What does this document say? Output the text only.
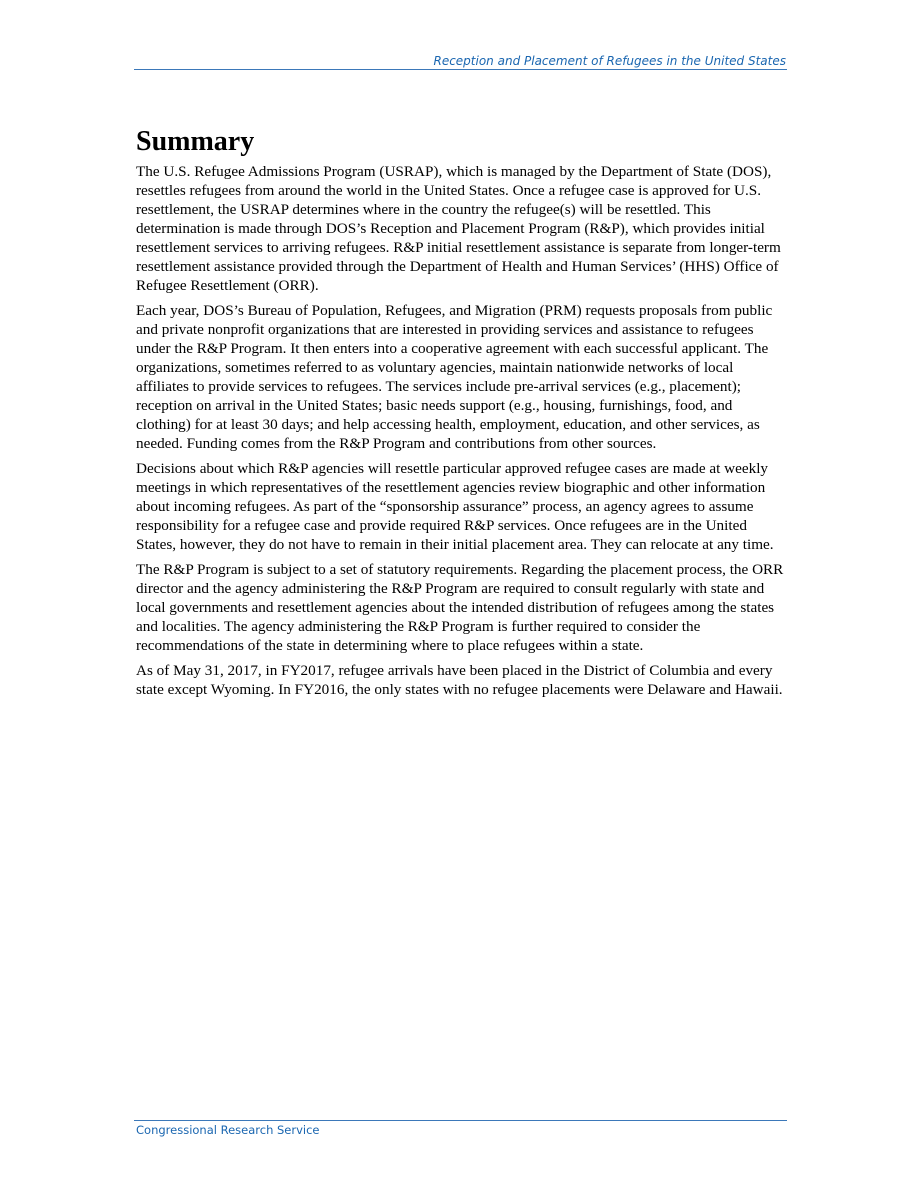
Reception and Placement of Refugees in the United States
Summary

The U.S. Refugee Admissions Program (USRAP), which is managed by the Department of State (DOS), resettles refugees from around the world in the United States. Once a refugee case is approved for U.S. resettlement, the USRAP determines where in the country the refugee(s) will be resettled. This determination is made through DOS’s Reception and Placement Program (R&P), which provides initial resettlement services to arriving refugees. R&P initial resettlement assistance is separate from longer-term resettlement assistance provided through the Department of Health and Human Services’ (HHS) Office of Refugee Resettlement (ORR).

Each year, DOS’s Bureau of Population, Refugees, and Migration (PRM) requests proposals from public and private nonprofit organizations that are interested in providing services and assistance to refugees under the R&P Program. It then enters into a cooperative agreement with each successful applicant. The organizations, sometimes referred to as voluntary agencies, maintain nationwide networks of local affiliates to provide services to refugees. The services include pre-arrival services (e.g., placement); reception on arrival in the United States; basic needs support (e.g., housing, furnishings, food, and clothing) for at least 30 days; and help accessing health, employment, education, and other services, as needed. Funding comes from the R&P Program and contributions from other sources.

Decisions about which R&P agencies will resettle particular approved refugee cases are made at weekly meetings in which representatives of the resettlement agencies review biographic and other information about incoming refugees. As part of the “sponsorship assurance” process, an agency agrees to assume responsibility for a refugee case and provide required R&P services. Once refugees are in the United States, however, they do not have to remain in their initial placement area. They can relocate at any time.

The R&P Program is subject to a set of statutory requirements. Regarding the placement process, the ORR director and the agency administering the R&P Program are required to consult regularly with state and local governments and resettlement agencies about the intended distribution of refugees among the states and localities. The agency administering the R&P Program is further required to consider the recommendations of the state in determining where to place refugees within a state.

As of May 31, 2017, in FY2017, refugee arrivals have been placed in the District of Columbia and every state except Wyoming. In FY2016, the only states with no refugee placements were Delaware and Hawaii.

Congressional Research Service
